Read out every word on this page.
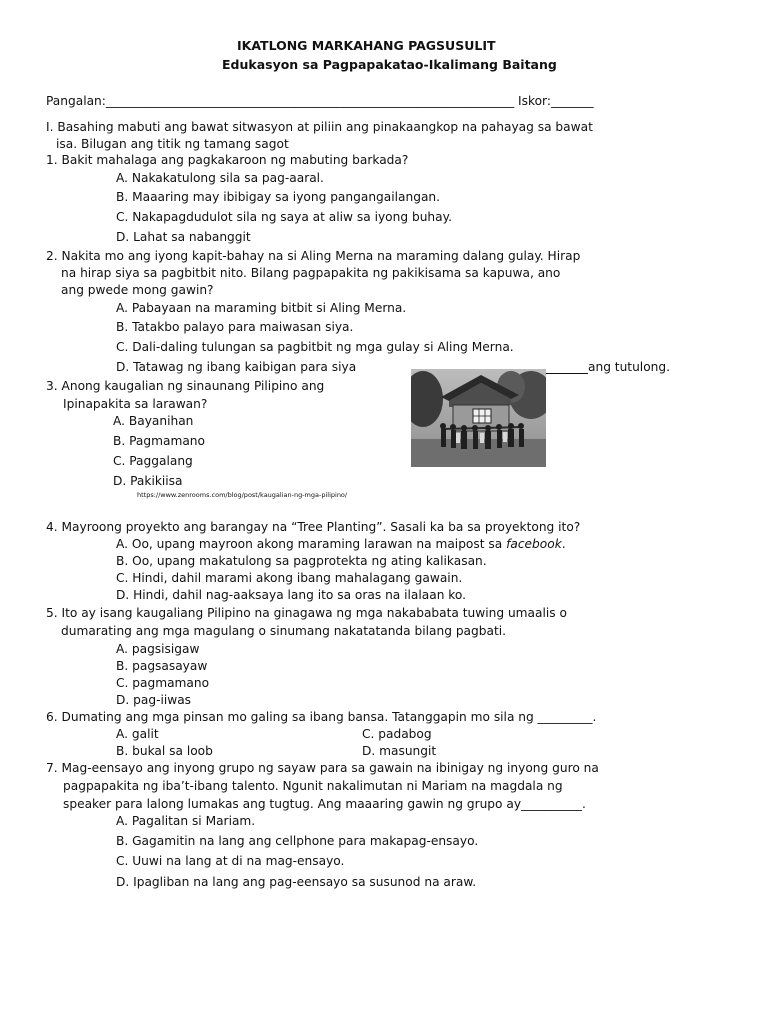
IKATLONG MARKAHANG PAGSUSULIT
Edukasyon sa Pagpapakatao-Ikalimang Baitang
Pangalan:___________________________________________________________________ Iskor:_______
I. Basahing mabuti ang bawat sitwasyon at piliin ang pinakaangkop na pahayag sa bawat
isa. Bilugan ang titik ng tamang sagot
1. Bakit mahalaga ang pagkakaroon ng mabuting barkada?
A. Nakakatulong sila sa pag-aaral.
B. Maaaring may ibibigay sa iyong pangangailangan.
C. Nakapagdudulot sila ng saya at aliw sa iyong buhay.
D. Lahat sa nabanggit
2. Nakita mo ang iyong kapit-bahay na si Aling Merna na maraming dalang gulay. Hirap
na hirap siya sa pagbitbit nito. Bilang pagpapakita ng pakikisama sa kapuwa, ano
ang pwede mong gawin?
A. Pabayaan na maraming bitbit si Aling Merna.
B. Tatakbo palayo para maiwasan siya.
C. Dali-daling tulungan sa pagbitbit ng mga gulay si Aling Merna.
D. Tatawag ng ibang kaibigan para siya	ang tutulong.
3. Anong kaugalian ng sinaunang Pilipino ang
Ipinapakita sa larawan?
A. Bayanihan
B. Pagmamano
C. Paggalang
D. Pakikiisa
https://www.zenrooms.com/blog/post/kaugalian-ng-mga-pilipino/
4. Mayroong proyekto ang barangay na “Tree Planting”. Sasali ka ba sa proyektong ito?
A. Oo, upang mayroon akong maraming larawan na maipost sa facebook.
B. Oo, upang makatulong sa pagprotekta ng ating kalikasan.
C. Hindi, dahil marami akong ibang mahalagang gawain.
D. Hindi, dahil nag-aaksaya lang ito sa oras na ilalaan ko.
5. Ito ay isang kaugaliang Pilipino na ginagawa ng mga nakababata tuwing umaalis o
dumarating ang mga magulang o sinumang nakatatanda bilang pagbati.
A. pagsisigaw
B. pagsasayaw
C. pagmamano
D. pag-iiwas
6. Dumating ang mga pinsan mo galing sa ibang bansa. Tatanggapin mo sila ng _________.
A. galit	C. padabog
B. bukal sa loob	D. masungit
7. Mag-eensayo ang inyong grupo ng sayaw para sa gawain na ibinigay ng inyong guro na
pagpapakita ng iba’t-ibang talento. Ngunit nakalimutan ni Mariam na magdala ng
speaker para lalong lumakas ang tugtug. Ang maaaring gawin ng grupo ay__________.
A. Pagalitan si Mariam.
B. Gagamitin na lang ang cellphone para makapag-ensayo.
C. Uuwi na lang at di na mag-ensayo.
D. Ipagliban na lang ang pag-eensayo sa susunod na araw.
